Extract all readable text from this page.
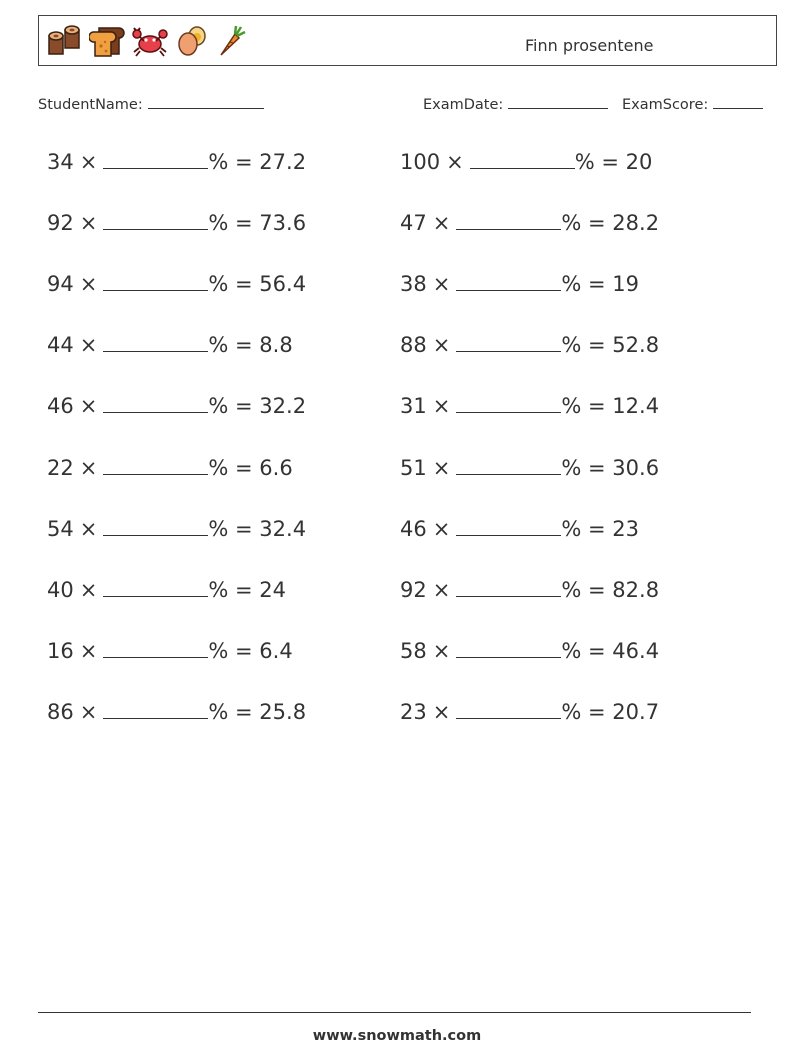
Finn prosentene
StudentName:	ExamDate:	ExamScore:
34 ×	% = 27.2
92 ×	% = 73.6
94 ×	% = 56.4
44 ×	% = 8.8
46 ×	% = 32.2
22 ×	% = 6.6
54 ×	% = 32.4
40 ×	% = 24
16 ×	% = 6.4
86 ×	% = 25.8
100 ×	% = 20
47 ×	% = 28.2
38 ×	% = 19
88 ×	% = 52.8
31 ×	% = 12.4
51 ×	% = 30.6
46 ×	% = 23
92 ×	% = 82.8
58 ×	% = 46.4
23 ×	% = 20.7
www.snowmath.com
